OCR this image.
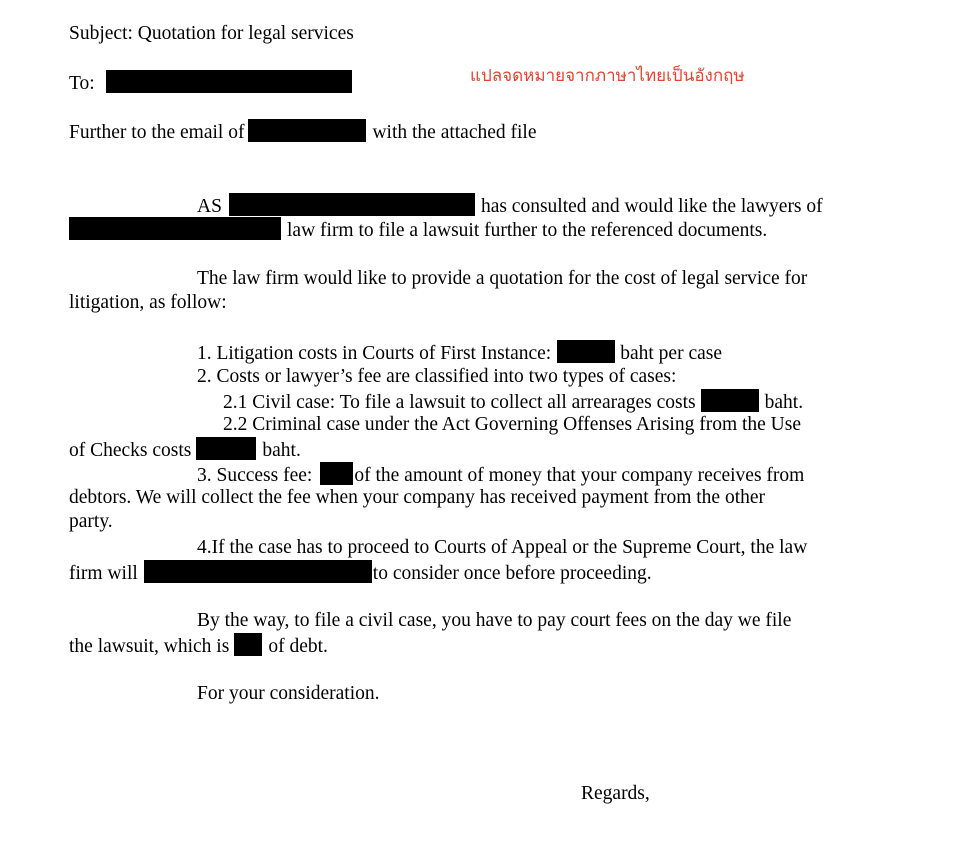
Subject: Quotation for legal services
To:	แปลจดหมายจากภาษาไทยเป็นอังกฤษ
Further to the email of	with the attached file
AS	has consulted and would like the lawyers of
law firm to file a lawsuit further to the referenced documents.
The law firm would like to provide a quotation for the cost of legal service for
litigation, as follow:
1. Litigation costs in Courts of First Instance:	baht per case
2. Costs or lawyer’s fee are classified into two types of cases:
2.1 Civil case: To file a lawsuit to collect all arrearages costs	baht.
2.2 Criminal case under the Act Governing Offenses Arising from the Use
of Checks costs	baht.
3. Success fee: of the amount of money that your company receives from
debtors. We will collect the fee when your company has received payment from the other
party.
4.If the case has to proceed to Courts of Appeal or the Supreme Court, the law
firm will	to consider once before proceeding.
By the way, to file a civil case, you have to pay court fees on the day we file
the lawsuit, which is of debt.
For your consideration.
Regards,
